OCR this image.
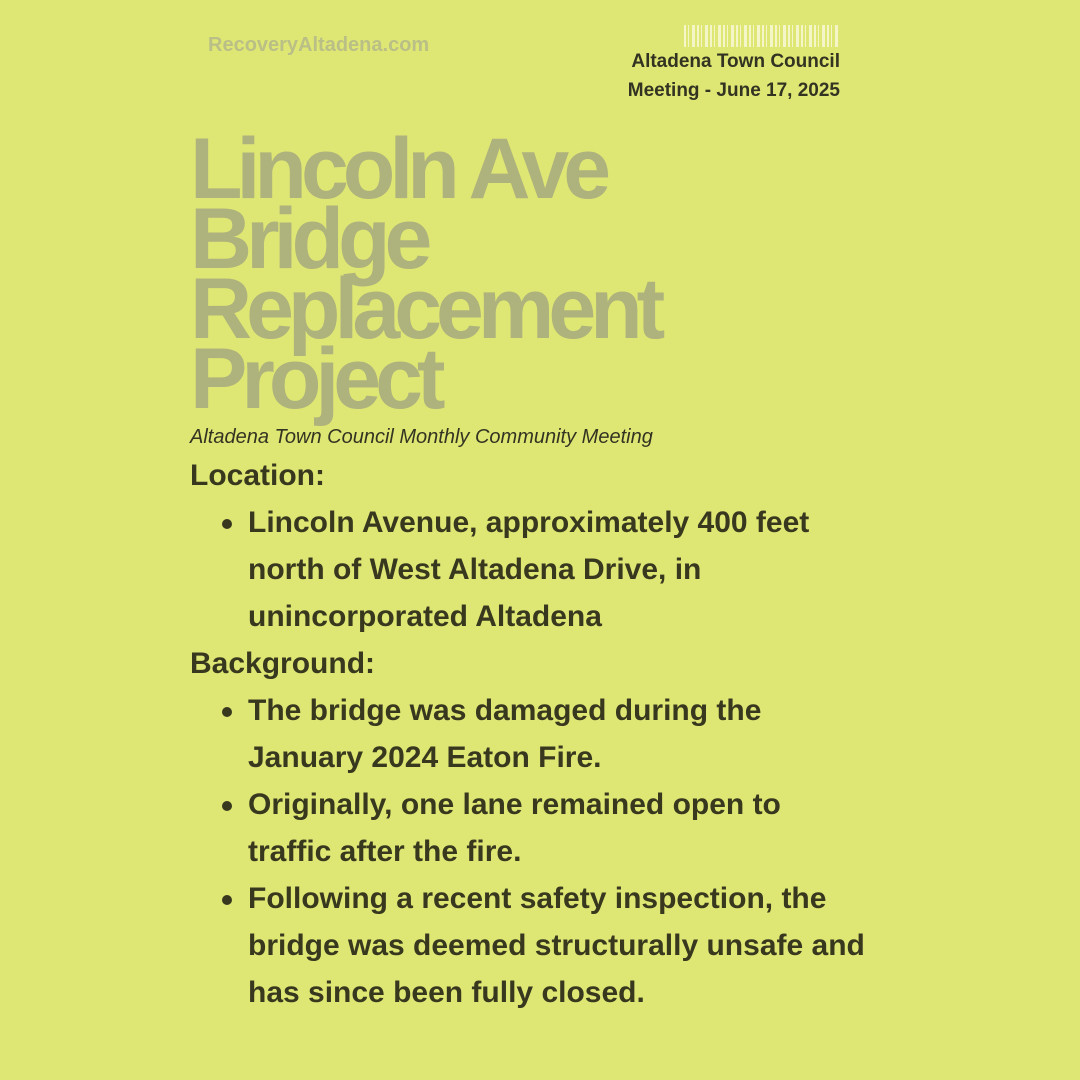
RecoveryAltadena.com
Altadena Town Council
Meeting - June 17, 2025
Lincoln Ave
Bridge
Replacement
Project
Altadena Town Council Monthly Community Meeting
Location:
Lincoln Avenue, approximately 400 feet north of West Altadena Drive, in unincorporated Altadena
Background:
The bridge was damaged during the January 2024 Eaton Fire.
Originally, one lane remained open to traffic after the fire.
Following a recent safety inspection, the bridge was deemed structurally unsafe and has since been fully closed.
